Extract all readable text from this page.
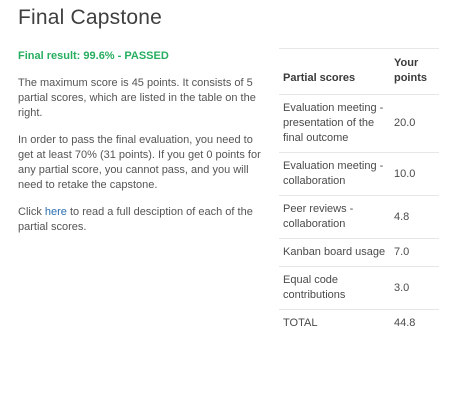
Final Capstone
Final result: 99.6% - PASSED

The maximum score is 45 points. It consists of 5 partial scores, which are listed in the table on the right.

In order to pass the final evaluation, you need to get at least 70% (31 points). If you get 0 points for any partial score, you cannot pass, and you will need to retake the capstone.

Click here to read a full desciption of each of the partial scores.

Partial scores	Your points
Evaluation meeting - presentation of the final outcome	20.0
Evaluation meeting - collaboration	10.0
Peer reviews - collaboration	4.8
Kanban board usage	7.0
Equal code contributions	3.0
TOTAL	44.8
